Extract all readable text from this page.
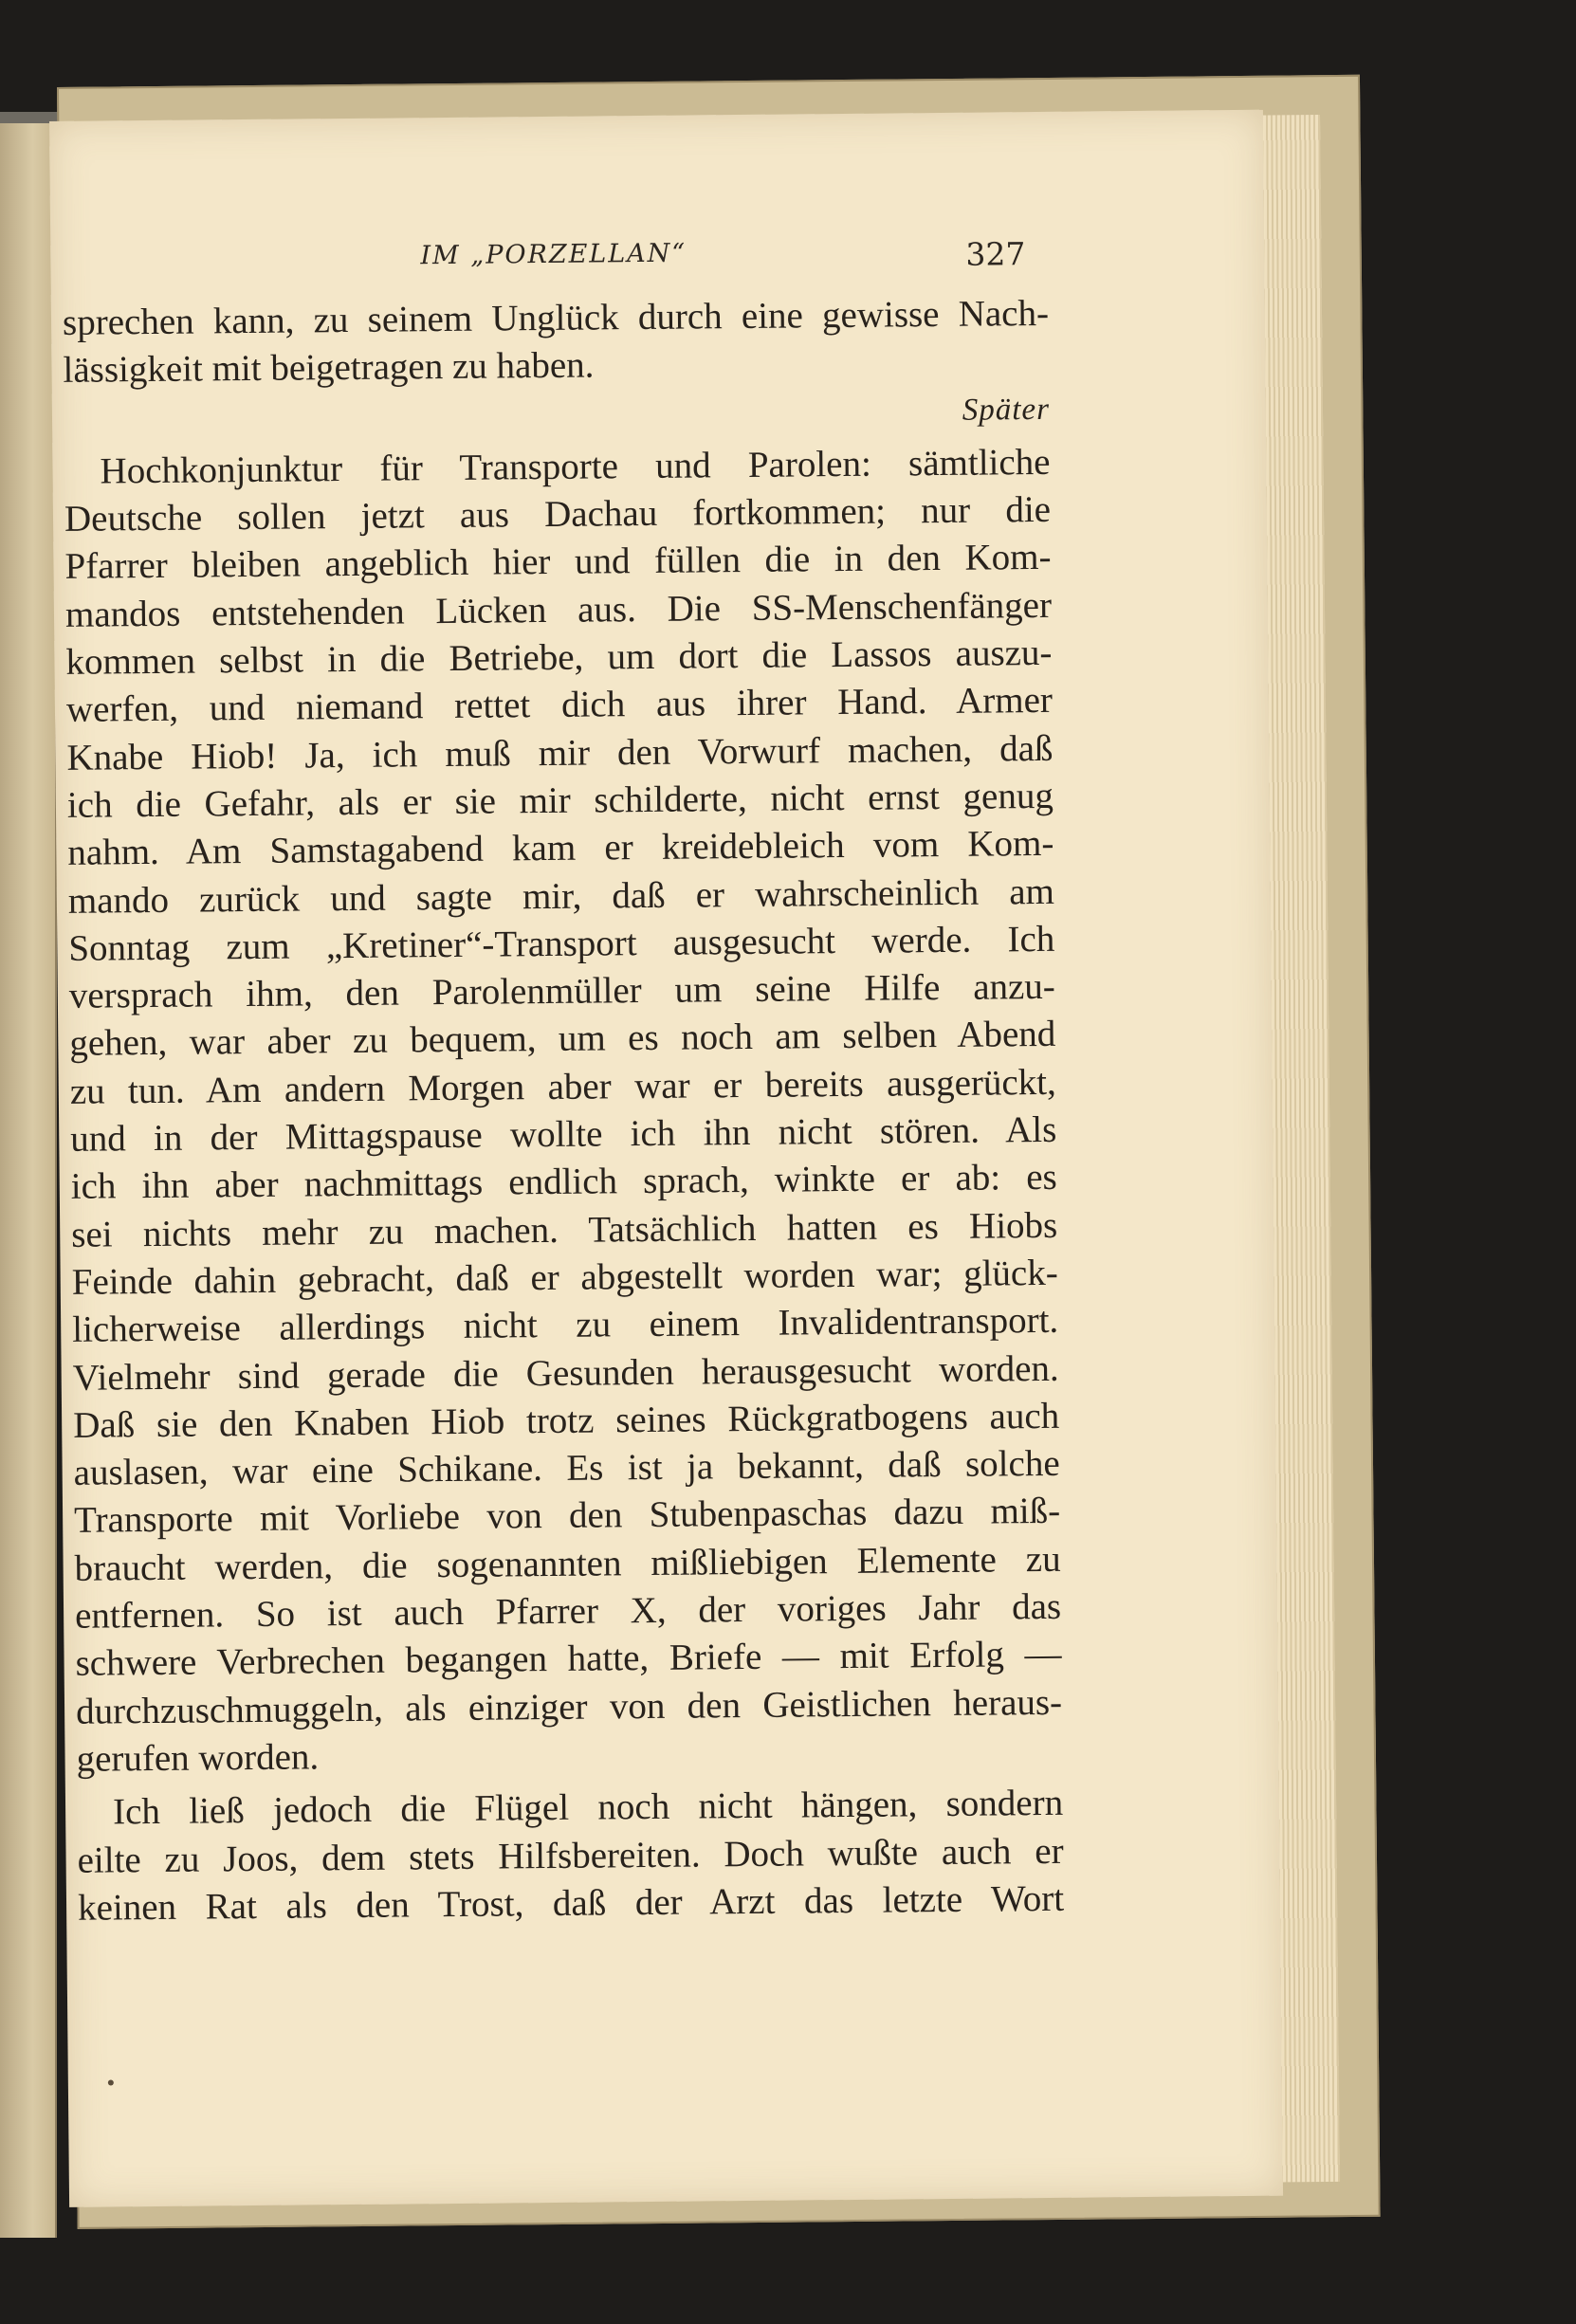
IM „PORZELLAN“	327
sprechen kann, zu seinem Unglück durch eine gewisse Nach-
lässigkeit mit beigetragen zu haben.
Später
Hochkonjunktur für Transporte und Parolen: sämtliche
Deutsche sollen jetzt aus Dachau fortkommen; nur die
Pfarrer bleiben angeblich hier und füllen die in den Kom-
mandos entstehenden Lücken aus. Die SS-Menschenfänger
kommen selbst in die Betriebe, um dort die Lassos auszu-
werfen, und niemand rettet dich aus ihrer Hand. Armer
Knabe Hiob! Ja, ich muß mir den Vorwurf machen, daß
ich die Gefahr, als er sie mir schilderte, nicht ernst genug
nahm. Am Samstagabend kam er kreidebleich vom Kom-
mando zurück und sagte mir, daß er wahrscheinlich am
Sonntag zum „Kretiner“-Transport ausgesucht werde. Ich
versprach ihm, den Parolenmüller um seine Hilfe anzu-
gehen, war aber zu bequem, um es noch am selben Abend
zu tun. Am andern Morgen aber war er bereits ausgerückt,
und in der Mittagspause wollte ich ihn nicht stören. Als
ich ihn aber nachmittags endlich sprach, winkte er ab: es
sei nichts mehr zu machen. Tatsächlich hatten es Hiobs
Feinde dahin gebracht, daß er abgestellt worden war; glück-
licherweise allerdings nicht zu einem Invalidentransport.
Vielmehr sind gerade die Gesunden herausgesucht worden.
Daß sie den Knaben Hiob trotz seines Rückgratbogens auch
auslasen, war eine Schikane. Es ist ja bekannt, daß solche
Transporte mit Vorliebe von den Stubenpaschas dazu miß-
braucht werden, die sogenannten mißliebigen Elemente zu
entfernen. So ist auch Pfarrer X, der voriges Jahr das
schwere Verbrechen begangen hatte, Briefe — mit Erfolg —
durchzuschmuggeln, als einziger von den Geistlichen heraus-
gerufen worden.
Ich ließ jedoch die Flügel noch nicht hängen, sondern
eilte zu Joos, dem stets Hilfsbereiten. Doch wußte auch er
keinen Rat als den Trost, daß der Arzt das letzte Wort
